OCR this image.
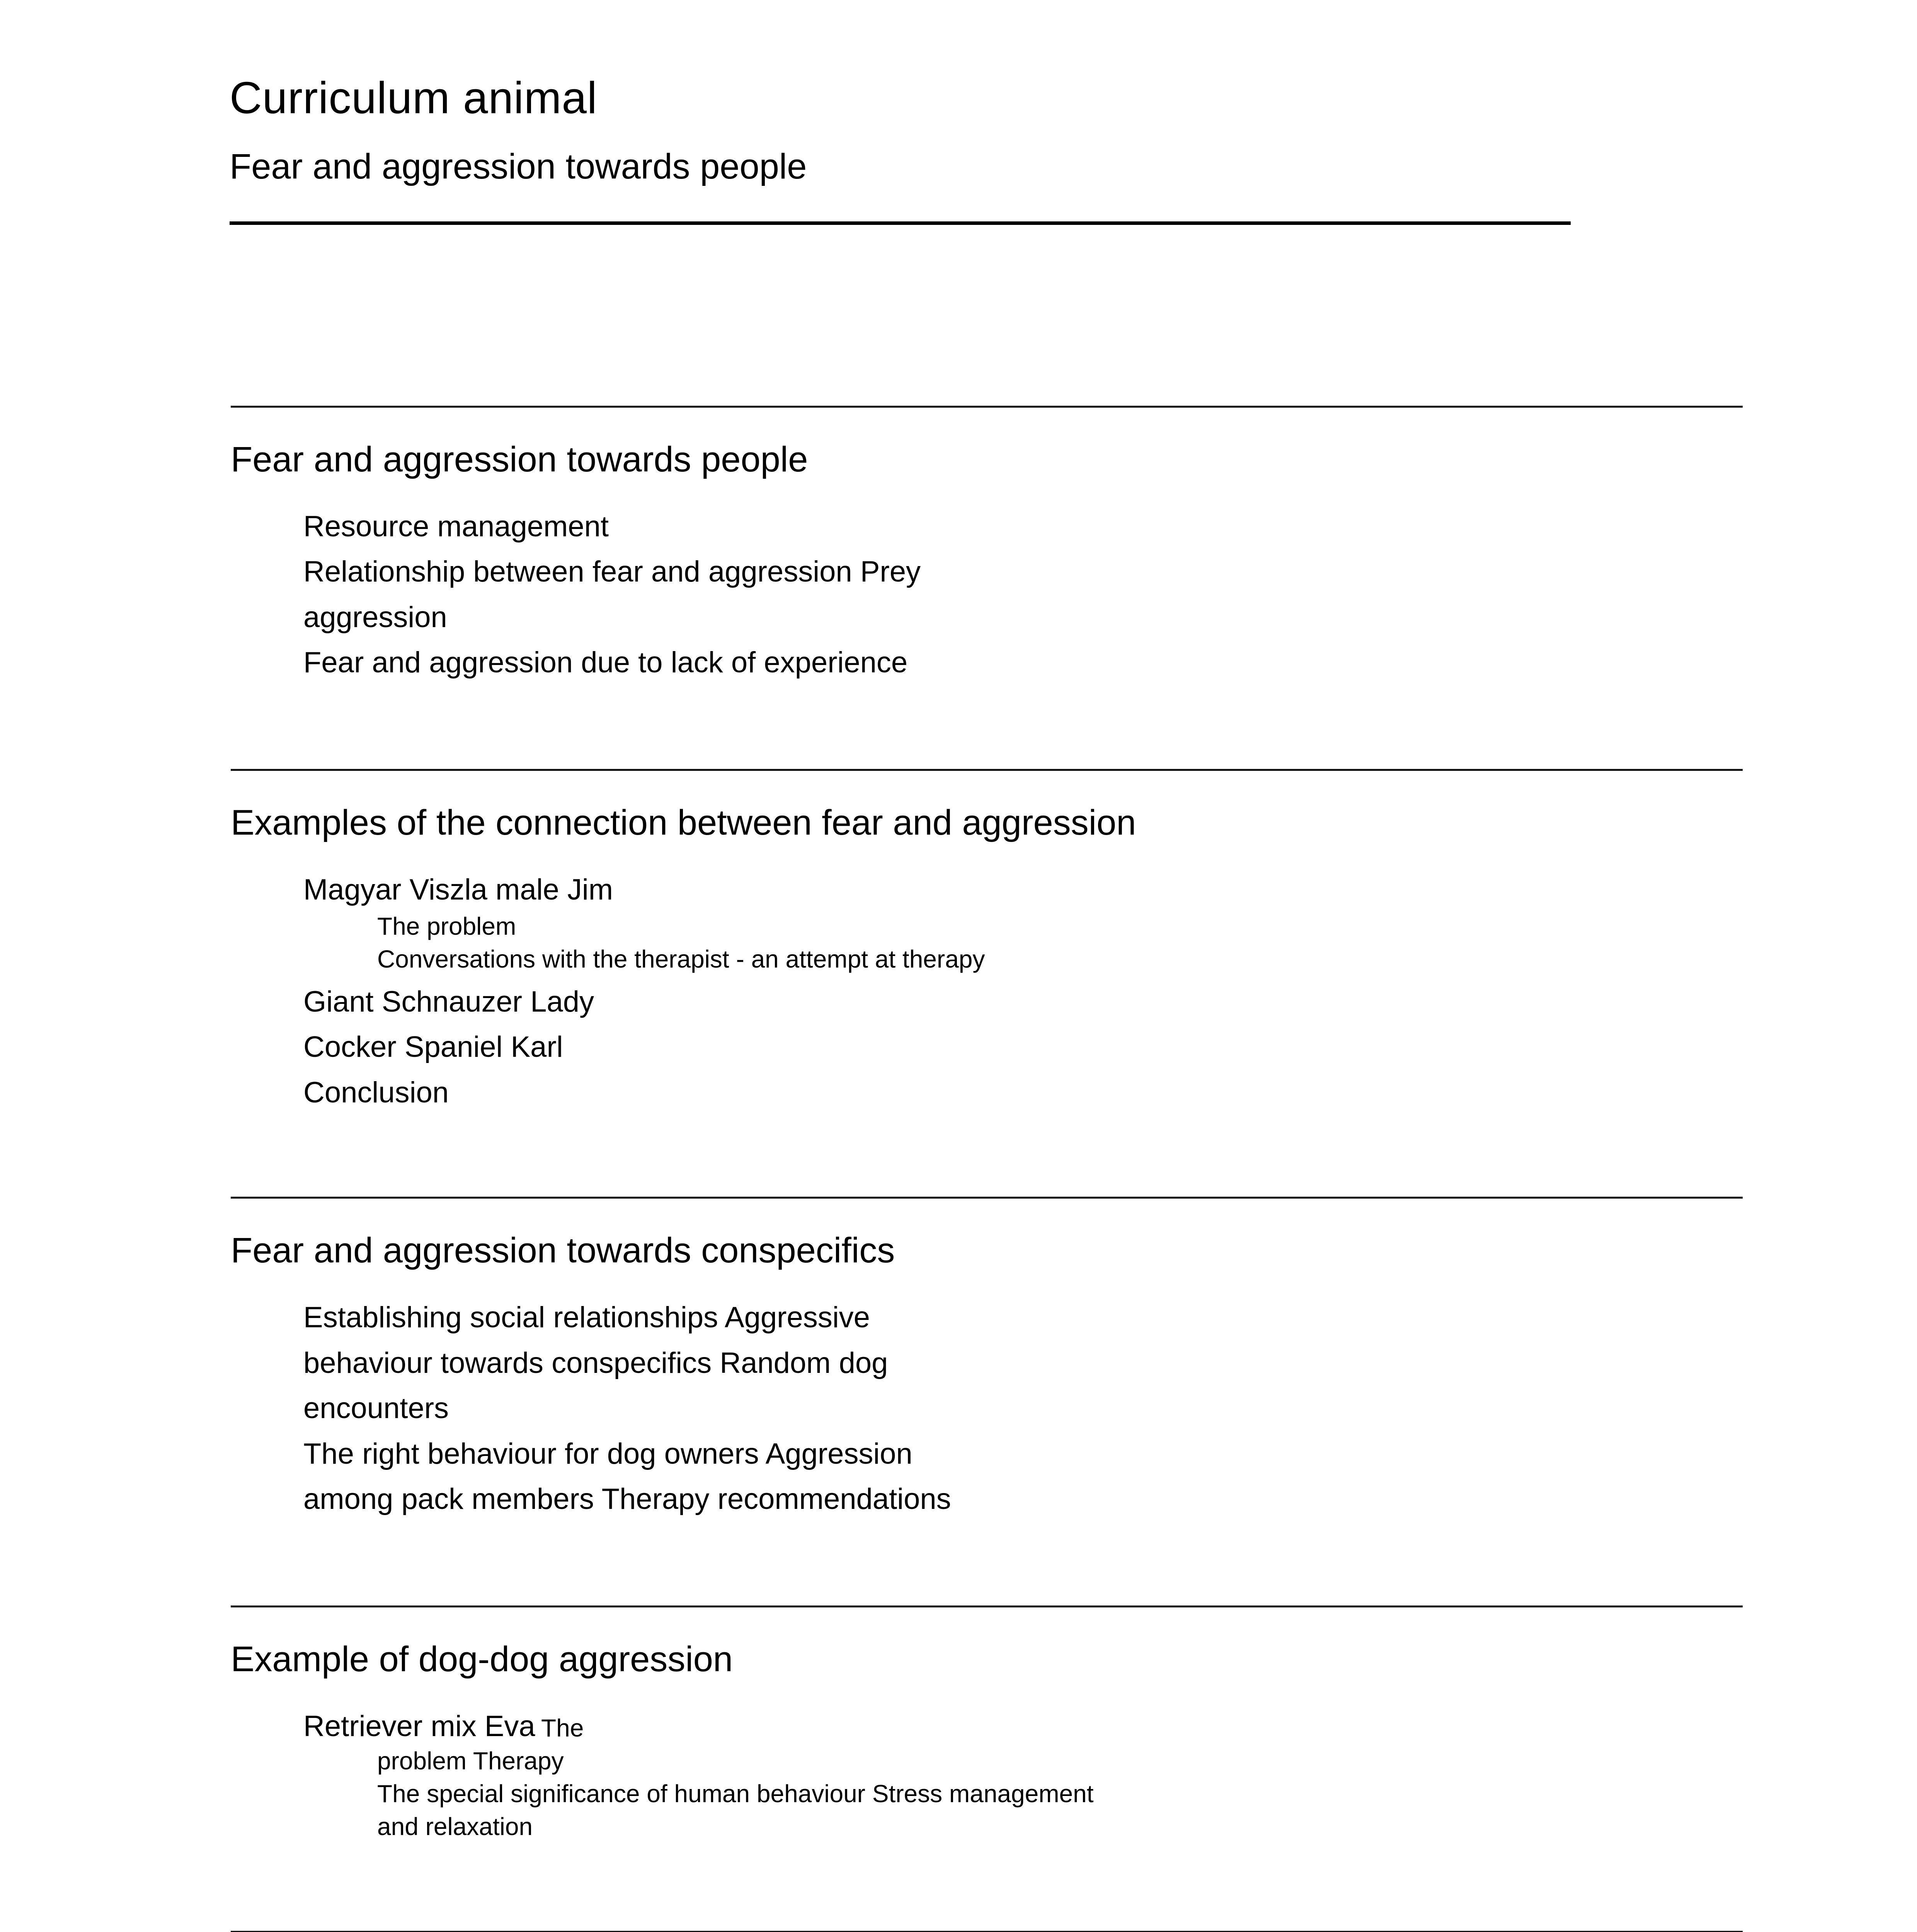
Curriculum animal
Fear and aggression towards people
Fear and aggression towards people
Resource management
Relationship between fear and aggression Prey
aggression
Fear and aggression due to lack of experience
Examples of the connection between fear and aggression
Magyar Viszla male Jim
The problem
Conversations with the therapist - an attempt at therapy
Giant Schnauzer Lady
Cocker Spaniel Karl
Conclusion
Fear and aggression towards conspecifics
Establishing social relationships Aggressive
behaviour towards conspecifics Random dog
encounters
The right behaviour for dog owners Aggression
among pack members Therapy recommendations
Example of dog-dog aggression
Retriever mix Eva The
problem Therapy
The special significance of human behaviour Stress management
and relaxation
